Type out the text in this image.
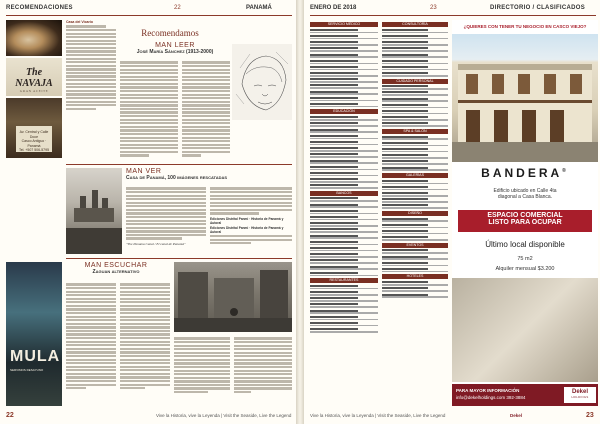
RECOMENDACIONES	22	PANAMÁ
The NAVAJA
GRAN ACEITE
Av. Central y Calle Doce
Casco Antiguo · Panamá
Tel. +507 506-5795
MULA
SERVIMOS DESAYUNO
Casa del Vicario
Recomendamos
MAN LEER
José María Sánchez (1913-2000)
MAN VER
Casa de Panamá, 100 imágenes rescatadas
"The Panama Canal / El canal de Panamá"
Ediciones Distrital Panmi · Historia de Panamá y Autoral
Ediciones Distrital Panmi · Historia de Panamá y Autoral
MAN ESCUCHAR
Zaguan alternativo
22	Vive la Historia, vive la Leyenda | Visit the Seaside, Live the Legend
ENERO DE 2018	23	DIRECTORIO / CLASIFICADOS
SERVICIO MÉDICO
EDUCACIÓN
BANCOS
RESTAURANTES
CONSULTORÍA
CUIDADO PERSONAL
SPA & SALÓN
GALERÍAS
DISEÑO
EVENTOS
HOTELES
¿QUIERES CON TENER TU NEGOCIO EN CASCO VIEJO?
BANDERA®
Edificio ubicado en Calle 4ta
diagonal a Casa Blanca.
ESPACIO COMERCIAL
LISTO PARA OCUPAR
Último local disponible
75 m2
Alquiler mensual $3.200
PARA MAYOR INFORMACIÓN
info@dekelholdings.com 392-3884
Dekel
HOLDINGS
Vive la Historia, vive la Leyenda | Visit the Seaside, Live the Legend	Dekel	23
